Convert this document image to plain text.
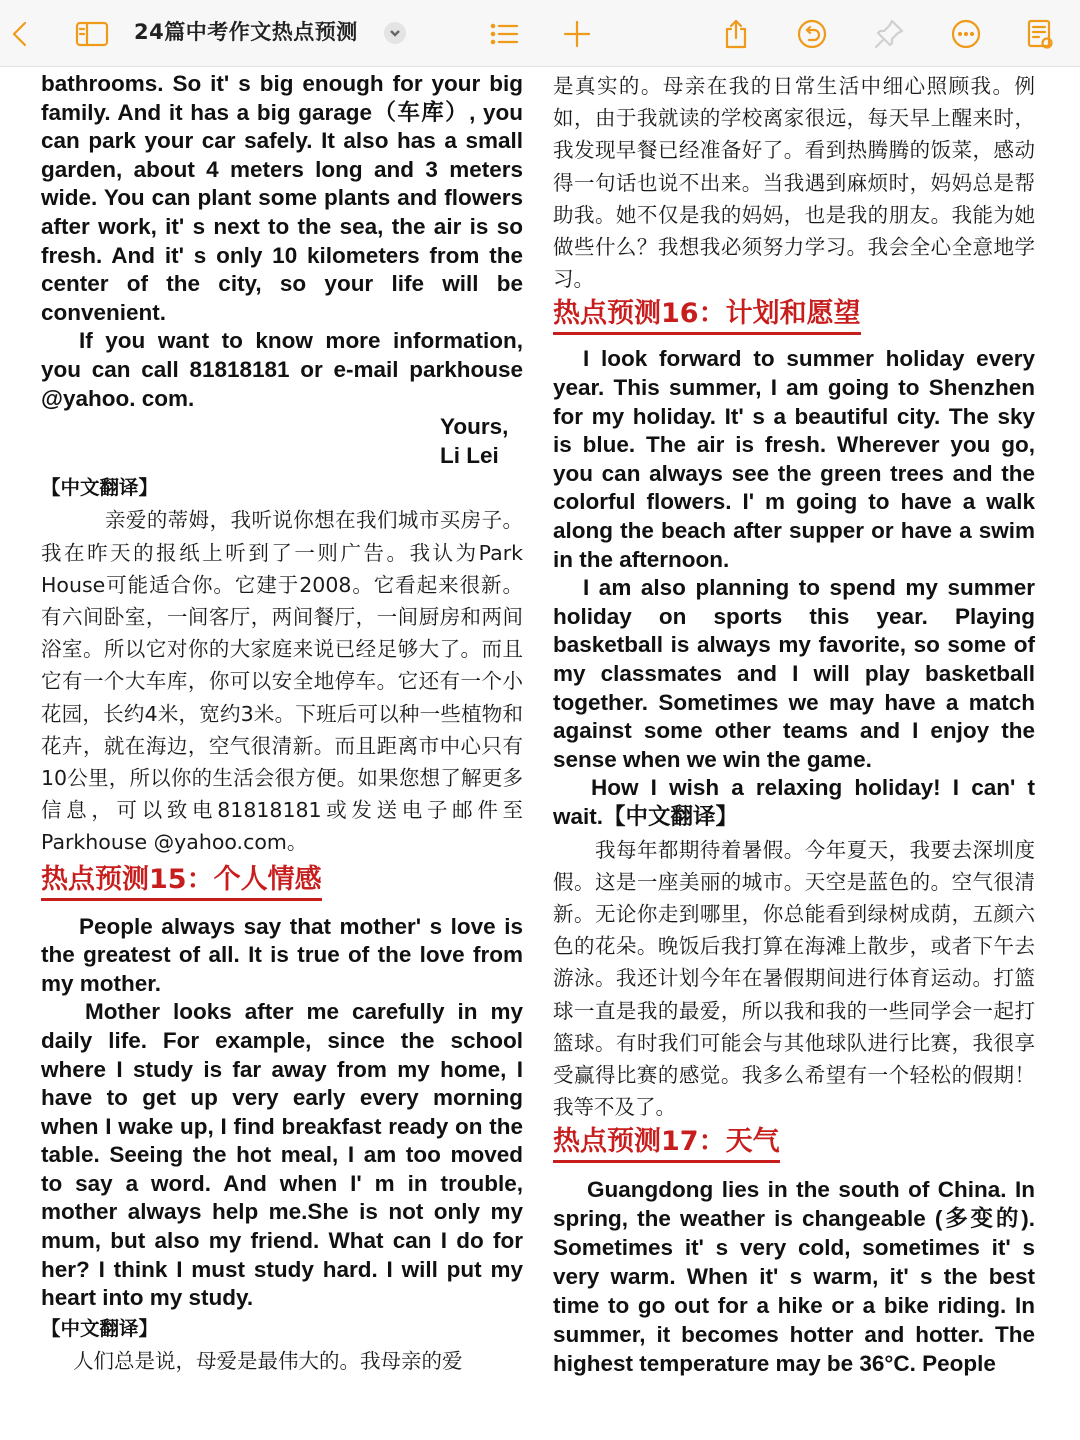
24篇中考作文热点预测

bathrooms. So it' s big enough for your big family. And it has a big garage（车库）, you can park your car safely. It also has a small garden, about 4 meters long and 3 meters wide. You can plant some plants and flowers after work, it' s next to the sea, the air is so fresh. And it' s only 10 kilometers from the center of the city, so your life will be convenient.

If you want to know more information, you can call 81818181 or e-mail parkhouse @yahoo. com.

Yours,
Li Lei
【中文翻译】

亲爱的蒂姆，我听说你想在我们城市买房子。我在昨天的报纸上听到了一则广告。我认为Park House可能适合你。它建于2008。它看起来很新。有六间卧室，一间客厅，两间餐厅，一间厨房和两间浴室。所以它对你的大家庭来说已经足够大了。而且它有一个大车库，你可以安全地停车。它还有一个小花园，长约4米，宽约3米。下班后可以种一些植物和花卉，就在海边，空气很清新。而且距离市中心只有10公里，所以你的生活会很方便。如果您想了解更多信息，可以致电81818181或发送电子邮件至Parkhouse @yahoo.com。

热点预测15：个人情感

People always say that mother' s love is the greatest of all. It is true of the love from my mother.

Mother looks after me carefully in my daily life. For example, since the school where I study is far away from my home, I have to get up very early every morning when I wake up, I find breakfast ready on the table. Seeing the hot meal, I am too moved to say a word. And when I' m in trouble, mother always help me.She is not only my mum, but also my friend. What can I do for her? I think I must study hard. I will put my heart into my study.

【中文翻译】

人们总是说，母爱是最伟大的。我母亲的爱

是真实的。母亲在我的日常生活中细心照顾我。例如，由于我就读的学校离家很远，每天早上醒来时，我发现早餐已经准备好了。看到热腾腾的饭菜，感动得一句话也说不出来。当我遇到麻烦时，妈妈总是帮助我。她不仅是我的妈妈，也是我的朋友。我能为她做些什么？我想我必须努力学习。我会全心全意地学习。

热点预测16：计划和愿望

I look forward to summer holiday every year. This summer, I am going to Shenzhen for my holiday. It' s a beautiful city. The sky is blue. The air is fresh. Wherever you go, you can always see the green trees and the colorful flowers. I' m going to have a walk along the beach after supper or have a swim in the afternoon.

I am also planning to spend my summer holiday on sports this year. Playing basketball is always my favorite, so some of my classmates and I will play basketball together. Sometimes we may have a match against some other teams and I enjoy the sense when we win the game.

How I wish a relaxing holiday! I can' t wait.【中文翻译】

我每年都期待着暑假。今年夏天，我要去深圳度假。这是一座美丽的城市。天空是蓝色的。空气很清新。无论你走到哪里，你总能看到绿树成荫，五颜六色的花朵。晚饭后我打算在海滩上散步，或者下午去游泳。我还计划今年在暑假期间进行体育运动。打篮球一直是我的最爱，所以我和我的一些同学会一起打篮球。有时我们可能会与其他球队进行比赛，我很享受赢得比赛的感觉。我多么希望有一个轻松的假期！我等不及了。

热点预测17：天气

Guangdong lies in the south of China. In spring, the weather is changeable (多变的). Sometimes it' s very cold, sometimes it' s very warm. When it' s warm, it' s the best time to go out for a hike or a bike riding. In summer, it becomes hotter and hotter. The highest temperature may be 36°C. People
